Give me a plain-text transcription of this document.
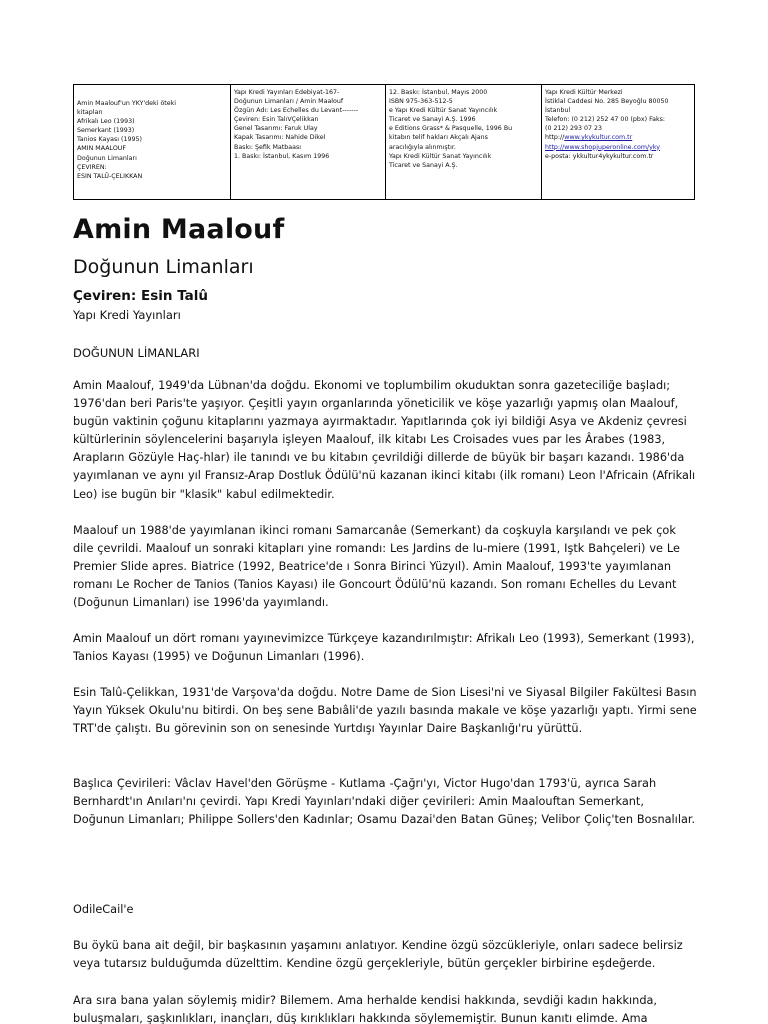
Amin Maalouf'un YKY'deki öteki
kitapları
Afrikalı Leo (1993)
Semerkant (1993)
Tanios Kayası (1995)
AMIN MAALOUF
Doğunun Limanları
ÇEVIREN:
ESIN TALÛ-ÇELIKKAN
Yapı Kredi Yayınları Edebiyat-167-
Doğunun Limanları / Amin Maalouf
Özgün Adı: Les Echelles du Levant-------
Çeviren: Esin TalıVÇelikkan
Genel Tasarımı: Faruk Ulay
Kapak Tasarımı: Nahide Dikel
Baskı: Şefik Matbaası
1. Baskı: İstanbul, Kasım 1996
12. Baskı: İstanbul, Mayıs 2000
ISBN 975-363-512-5
e Yapı Kredi Kültür Sanat Yayıncılık
Ticaret ve Sanayi A.Ş. 1996
e Editions Grass* & Pasquelle, 1996 Bu
kitabın telif hakları Akçalı Ajans
aracılığıyla alınmıştır.
Yapı Kredi Kültür Sanat Yayıncılık
Ticaret ve Sanayi A.Ş.
Yapı Kredi Kültür Merkezi
İstiklal Caddesi No. 285 Beyoğlu 80050
İstanbul
Telefon: (0 212) 252 47 00 (pbx) Faks:
(0 212) 293 07 23
http://www.ykykultur.com.tr
http://www.shopjuperonline.com/yky
e-posta: ykkultur4ykykultur.com.tr
Amin Maalouf
Doğunun Limanları
Çeviren: Esin Talû

Yapı Kredi Yayınları

DOĞUNUN LİMANLARI

Amin Maalouf, 1949'da Lübnan'da doğdu. Ekonomi ve toplumbilim okuduktan sonra gazeteciliğe başladı; 1976'dan beri Paris'te yaşıyor. Çeşitli yayın organlarında yöneticilik ve köşe yazarlığı yapmış olan Maalouf, bugün vaktinin çoğunu kitaplarını yazmaya ayırmaktadır. Yapıtlarında çok iyi bildiği Asya ve Akdeniz çevresi kültürlerinin söylencelerini başarıyla işleyen Maalouf, ilk kitabı Les Croisades vues par les Ârabes (1983, Arapların Gözüyle Haç-hlar) ile tanındı ve bu kitabın çevrildiği dillerde de büyük bir başarı kazandı. 1986'da yayımlanan ve aynı yıl Fransız-Arap Dostluk Ödülü'nü kazanan ikinci kitabı (ilk romanı) Leon l'Africain (Afrikalı Leo) ise bugün bir "klasik" kabul edilmektedir.

Maalouf un 1988'de yayımlanan ikinci romanı Samarcanâe (Semerkant) da coşkuyla karşılandı ve pek çok dile çevrildi. Maalouf un sonraki kitapları yine romandı: Les Jardins de lu-miere (1991, Iştk Bahçeleri) ve Le Premier Slide apres. Biatrice (1992, Beatrice'de ı Sonra Birinci Yüzyıl). Amin Maalouf, 1993'te yayımlanan romanı Le Rocher de Tanios (Tanios Kayası) ile Goncourt Ödülü'nü kazandı. Son romanı Echelles du Levant (Doğunun Limanları) ise 1996'da yayımlandı.

Amin Maalouf un dört romanı yayınevimizce Türkçeye kazandırılmıştır: Afrikalı Leo (1993), Semerkant (1993), Tanios Kayası (1995) ve Doğunun Limanları (1996).

Esin Talû-Çelikkan, 1931'de Varşova'da doğdu. Notre Dame de Sion Lisesi'ni ve Siyasal Bilgiler Fakültesi Basın Yayın Yüksek Okulu'nu bitirdi. On beş sene Babıâli'de yazılı basında makale ve köşe yazarlığı yaptı. Yirmi sene TRT'de çalıştı. Bu görevinin son on senesinde Yurtdışı Yayınlar Daire Başkanlığı'ru yürüttü.

Başlıca Çevirileri: Vâclav Havel'den Görüşme - Kutlama -Çağrı'yı, Victor Hugo'dan 1793'ü, ayrıca Sarah Bernhardt'ın Anıları'nı çevirdi. Yapı Kredi Yayınları'ndaki diğer çevirileri: Amin Maalouftan Semerkant, Doğunun Limanları; Philippe Sollers'den Kadınlar; Osamu Dazai'den Batan Güneş; Velibor Çoliç'ten Bosnalılar.

OdileCail'e

Bu öykü bana ait değil, bir başkasının yaşamını anlatıyor. Kendine özgü sözcükleriyle, onları sadece belirsiz veya tutarsız bulduğumda düzelttim. Kendine özgü gerçekleriyle, bütün gerçekler birbirine eşdeğerde.

Ara sıra bana yalan söylemiş midir? Bilemem. Ama herhalde kendisi hakkında, sevdiği kadın hakkında, buluşmaları, şaşkınlıkları, inançları, düş kırıklıkları hakkında söylememiştir. Bunun kanıtı elimde. Ama
